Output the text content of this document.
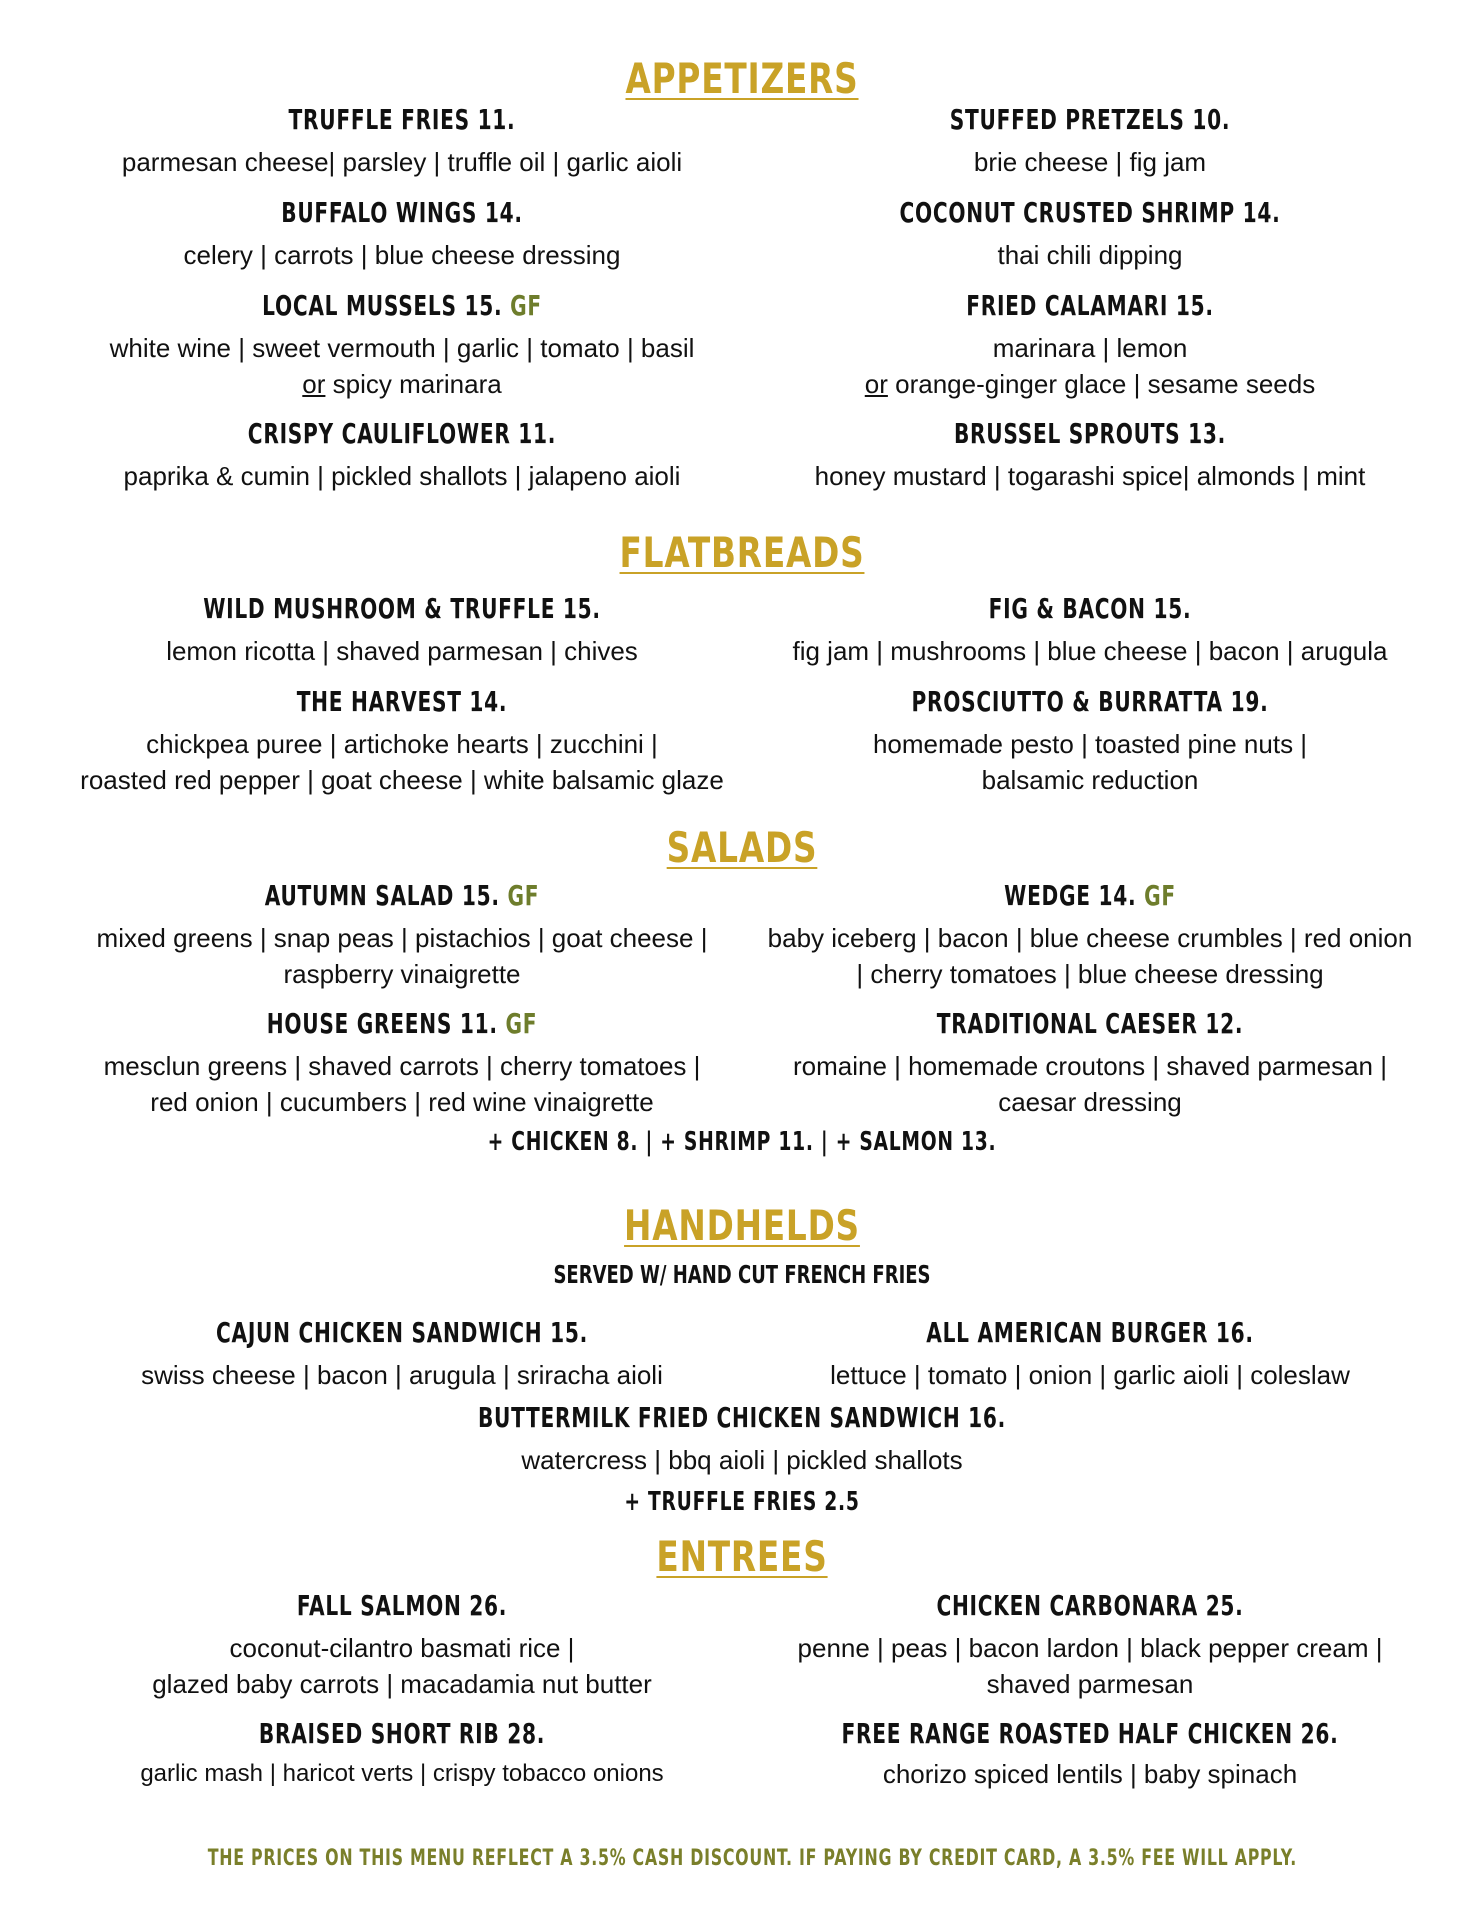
APPETIZERS
TRUFFLE FRIES 11.
parmesan cheese| parsley | truffle oil | garlic aioli
STUFFED PRETZELS 10.
brie cheese | fig jam
BUFFALO WINGS 14.
celery | carrots | blue cheese dressing
COCONUT CRUSTED SHRIMP 14.
thai chili dipping
LOCAL MUSSELS 15. GF
white wine | sweet vermouth | garlic | tomato | basil
or spicy marinara
FRIED CALAMARI 15.
marinara | lemon
or orange-ginger glace | sesame seeds
CRISPY CAULIFLOWER 11.
paprika & cumin | pickled shallots | jalapeno aioli
BRUSSEL SPROUTS 13.
honey mustard | togarashi spice| almonds | mint
FLATBREADS
WILD MUSHROOM & TRUFFLE 15.
lemon ricotta | shaved parmesan | chives
FIG & BACON 15.
fig jam | mushrooms | blue cheese | bacon | arugula
THE HARVEST 14.
chickpea puree | artichoke hearts | zucchini |
roasted red pepper | goat cheese | white balsamic glaze
PROSCIUTTO & BURRATTA 19.
homemade pesto | toasted pine nuts |
balsamic reduction
SALADS
AUTUMN SALAD 15. GF
mixed greens | snap peas | pistachios | goat cheese |
raspberry vinaigrette
WEDGE 14. GF
baby iceberg | bacon | blue cheese crumbles | red onion
| cherry tomatoes | blue cheese dressing
HOUSE GREENS 11. GF
mesclun greens | shaved carrots | cherry tomatoes |
red onion | cucumbers | red wine vinaigrette
TRADITIONAL CAESER 12.
romaine | homemade croutons | shaved parmesan |
caesar dressing
+ CHICKEN 8. | + SHRIMP 11. | + SALMON 13.
HANDHELDS
SERVED W/ HAND CUT FRENCH FRIES
CAJUN CHICKEN SANDWICH 15.
swiss cheese | bacon | arugula | sriracha aioli
ALL AMERICAN BURGER 16.
lettuce | tomato | onion | garlic aioli | coleslaw
BUTTERMILK FRIED CHICKEN SANDWICH 16.
watercress | bbq aioli | pickled shallots
+ TRUFFLE FRIES 2.5
ENTREES
FALL SALMON 26.
coconut-cilantro basmati rice |
glazed baby carrots | macadamia nut butter
CHICKEN CARBONARA 25.
penne | peas | bacon lardon | black pepper cream |
shaved parmesan
BRAISED SHORT RIB 28.
garlic mash | haricot verts | crispy tobacco onions
FREE RANGE ROASTED HALF CHICKEN 26.
chorizo spiced lentils | baby spinach
THE PRICES ON THIS MENU REFLECT A 3.5% CASH DISCOUNT. IF PAYING BY CREDIT CARD, A 3.5% FEE WILL APPLY.
